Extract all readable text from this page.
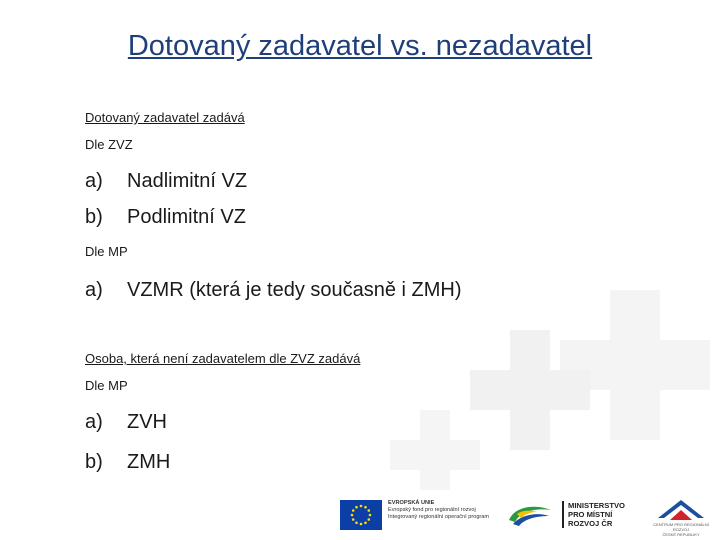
Dotovaný zadavatel vs. nezadavatel
Dotovaný zadavatel zadává
Dle ZVZ
a)	Nadlimitní VZ
b)	Podlimitní VZ
Dle MP
a)	VZMR (která je tedy současně i ZMH)
Osoba, která není zadavatelem dle ZVZ zadává
Dle MP
a)	ZVH
b)	ZMH
EVROPSKÁ UNIE
Evropský fond pro regionální rozvoj
Integrovaný regionální operační program
MINISTERSTVO
PRO MÍSTNÍ
ROZVOJ ČR	CENTRUM PRO REGIONÁLNÍ ROZVOJ
ČESKÉ REPUBLIKY
